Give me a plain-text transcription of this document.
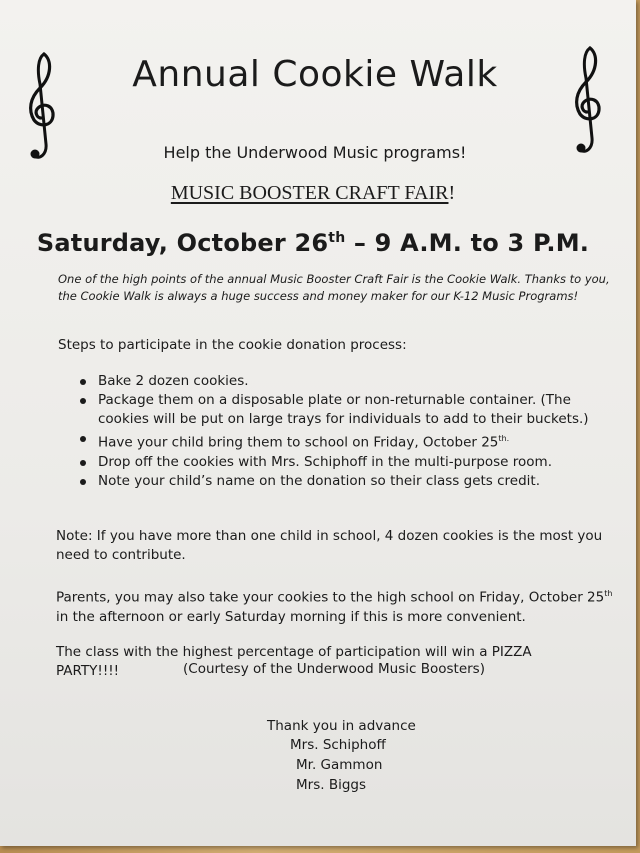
Annual Cookie Walk
Help the Underwood Music programs!
MUSIC BOOSTER CRAFT FAIR!
Saturday, October 26th – 9 A.M. to 3 P.M.
One of the high points of the annual Music Booster Craft Fair is the Cookie Walk. Thanks to you, the Cookie Walk is always a huge success and money maker for our K-12 Music Programs!
Steps to participate in the cookie donation process:
Bake 2 dozen cookies.
Package them on a disposable plate or non-returnable container. (The cookies will be put on large trays for individuals to add to their buckets.)
Have your child bring them to school on Friday, October $25^{th.}$
Drop off the cookies with Mrs. Schiphoff in the multi-purpose room.
Note your child’s name on the donation so their class gets credit.
Note: If you have more than one child in school, 4 dozen cookies is the most you need to contribute.
Parents, you may also take your cookies to the high school on Friday, October 25th in the afternoon or early Saturday morning if this is more convenient.
The class with the highest percentage of participation will win a PIZZA PARTY!!!!	(Courtesy of the Underwood Music Boosters)
Thank you in advance
Mrs. Schiphoff
Mr. Gammon
Mrs. Biggs
